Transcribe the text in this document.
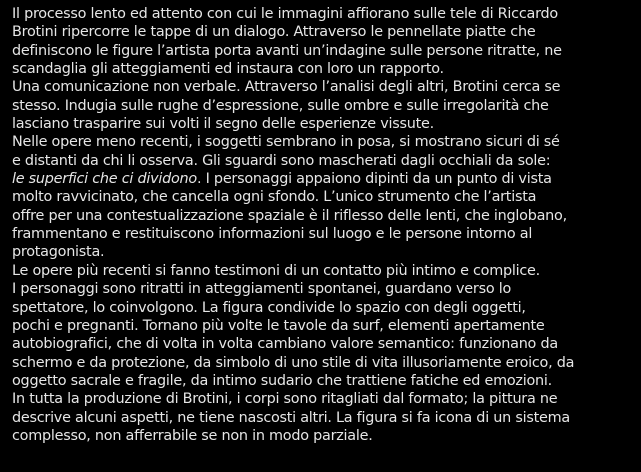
Il processo lento ed attento con cui le immagini affiorano sulle tele di Riccardo
Brotini ripercorre le tappe di un dialogo. Attraverso le pennellate piatte che
definiscono le figure l’artista porta avanti un’indagine sulle persone ritratte, ne
scandaglia gli atteggiamenti ed instaura con loro un rapporto.
Una comunicazione non verbale. Attraverso l’analisi degli altri, Brotini cerca se
stesso. Indugia sulle rughe d’espressione, sulle ombre e sulle irregolarità che
lasciano trasparire sui volti il segno delle esperienze vissute.
Nelle opere meno recenti, i soggetti sembrano in posa, si mostrano sicuri di sé
e distanti da chi li osserva. Gli sguardi sono mascherati dagli occhiali da sole:
le superfici che ci dividono. I personaggi appaiono dipinti da un punto di vista
molto ravvicinato, che cancella ogni sfondo. L’unico strumento che l’artista
offre per una contestualizzazione spaziale è il riflesso delle lenti, che inglobano,
frammentano e restituiscono informazioni sul luogo e le persone intorno al
protagonista.
Le opere più recenti si fanno testimoni di un contatto più intimo e complice.
I personaggi sono ritratti in atteggiamenti spontanei, guardano verso lo
spettatore, lo coinvolgono. La figura condivide lo spazio con degli oggetti,
pochi e pregnanti. Tornano più volte le tavole da surf, elementi apertamente
autobiografici, che di volta in volta cambiano valore semantico: funzionano da
schermo e da protezione, da simbolo di uno stile di vita illusoriamente eroico, da
oggetto sacrale e fragile, da intimo sudario che trattiene fatiche ed emozioni.
In tutta la produzione di Brotini, i corpi sono ritagliati dal formato; la pittura ne
descrive alcuni aspetti, ne tiene nascosti altri. La figura si fa icona di un sistema
complesso, non afferrabile se non in modo parziale.
